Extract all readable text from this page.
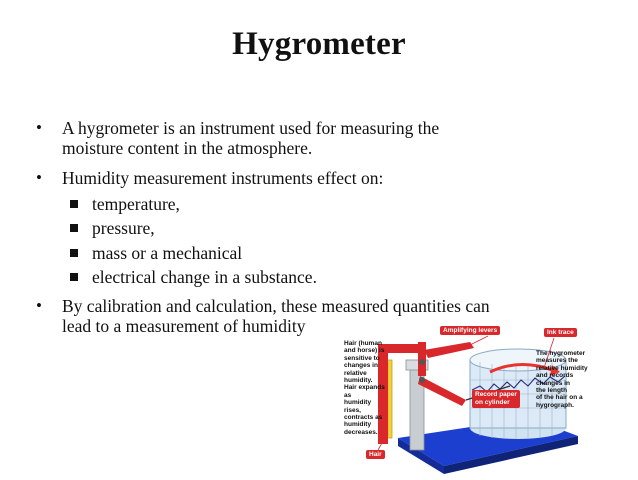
Hygrometer
•	A hygrometer is an instrument used for measuring the
moisture content in the atmosphere.
•	Humidity measurement instruments effect on:
temperature,
pressure,
mass or a mechanical
electrical change in a substance.
•	By calibration and calculation, these measured quantities can
lead to a measurement of humidity	Amplifying levers	Ink trace
Hair (human
and horse) is
sensitive to
changes in
relative
humidity.
Hair expands as
humidity rises,
contracts as
humidity
decreases.
Record paper
on cylinder
The hygrometer
measures the
relative humidity
and records
changes in
the length
of the hair on a
hygrograph.
Hair
